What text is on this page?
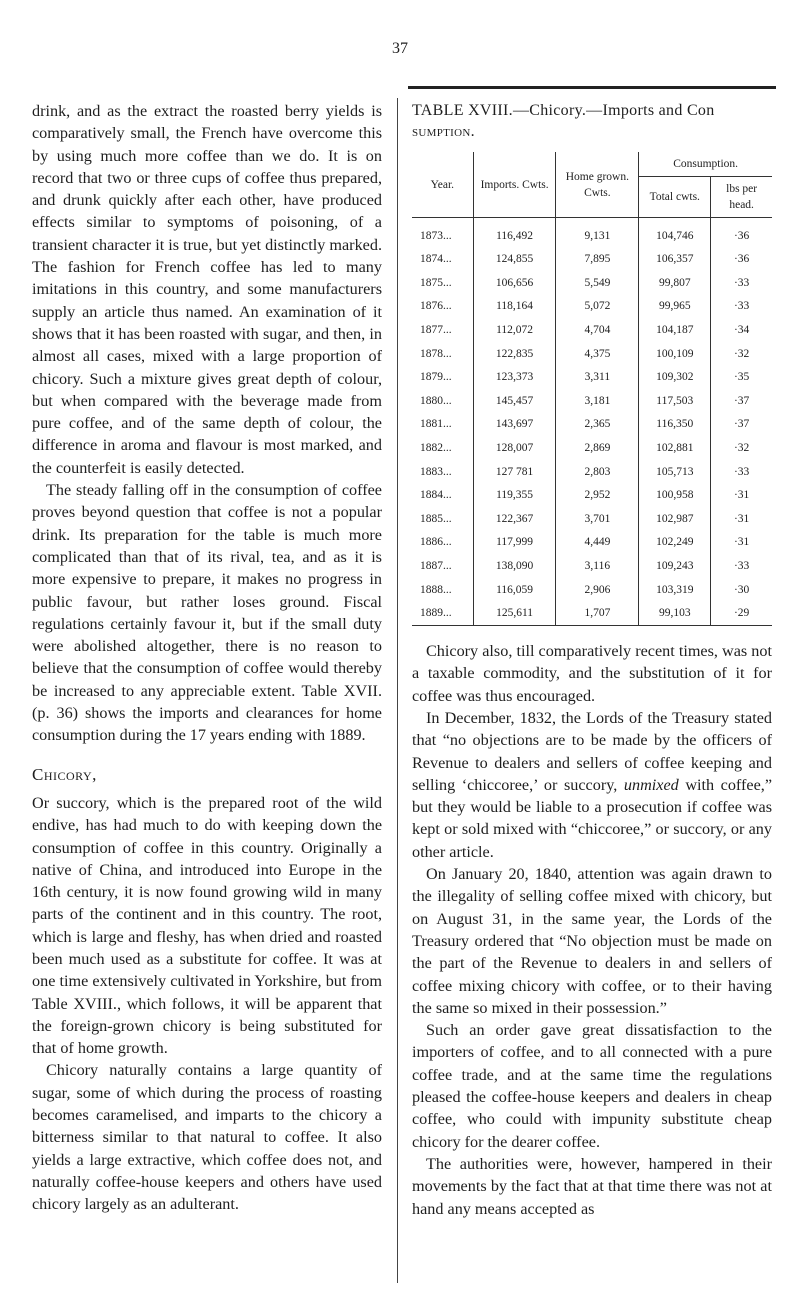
37

drink, and as the extract the roasted berry yields is comparatively small, the French have overcome this by using much more coffee than we do. It is on record that two or three cups of coffee thus prepared, and drunk quickly after each other, have produced effects similar to symptoms of poisoning, of a transient character it is true, but yet distinctly marked. The fashion for French coffee has led to many imitations in this country, and some manufacturers supply an article thus named. An examination of it shows that it has been roasted with sugar, and then, in almost all cases, mixed with a large proportion of chicory. Such a mixture gives great depth of colour, but when compared with the beverage made from pure coffee, and of the same depth of colour, the difference in aroma and flavour is most marked, and the counterfeit is easily detected.

The steady falling off in the consumption of coffee proves beyond question that coffee is not a popular drink. Its preparation for the table is much more complicated than that of its rival, tea, and as it is more expensive to prepare, it makes no progress in public favour, but rather loses ground. Fiscal regulations certainly favour it, but if the small duty were abolished altogether, there is no reason to believe that the consumption of coffee would thereby be increased to any appreciable extent. Table XVII. (p. 36) shows the imports and clearances for home consumption during the 17 years ending with 1889.

Chicory,

Or succory, which is the prepared root of the wild endive, has had much to do with keeping down the consumption of coffee in this country. Originally a native of China, and introduced into Europe in the 16th century, it is now found growing wild in many parts of the continent and in this country. The root, which is large and fleshy, has when dried and roasted been much used as a substitute for coffee. It was at one time extensively cultivated in Yorkshire, but from Table XVIII., which follows, it will be apparent that the foreign-grown chicory is being substituted for that of home growth.

Chicory naturally contains a large quantity of sugar, some of which during the process of roasting becomes caramelised, and imparts to the chicory a bitterness similar to that natural to coffee. It also yields a large extractive, which coffee does not, and naturally coffee-house keepers and others have used chicory largely as an adulterant.

TABLE XVIII.—Chicory.—Imports and Con
sumption.

Year.	Imports. Cwts.	Home grown. Cwts.	Consumption.	
			Total cwts.	lbs per head.
1873...	116,492	9,131	104,746	·36
1874...	124,855	7,895	106,357	·36
1875...	106,656	5,549	99,807	·33
1876...	118,164	5,072	99,965	·33
1877...	112,072	4,704	104,187	·34
1878...	122,835	4,375	100,109	·32
1879...	123,373	3,311	109,302	·35
1880...	145,457	3,181	117,503	·37
1881...	143,697	2,365	116,350	·37
1882...	128,007	2,869	102,881	·32
1883...	127 781	2,803	105,713	·33
1884...	119,355	2,952	100,958	·31
1885...	122,367	3,701	102,987	·31
1886...	117,999	4,449	102,249	·31
1887...	138,090	3,116	109,243	·33
1888...	116,059	2,906	103,319	·30
1889...	125,611	1,707	99,103	·29

Chicory also, till comparatively recent times, was not a taxable commodity, and the substitution of it for coffee was thus encouraged.

In December, 1832, the Lords of the Treasury stated that “no objections are to be made by the officers of Revenue to dealers and sellers of coffee keeping and selling ‘chiccoree,’ or succory, unmixed with coffee,” but they would be liable to a prosecution if coffee was kept or sold mixed with “chiccoree,” or succory, or any other article.

On January 20, 1840, attention was again drawn to the illegality of selling coffee mixed with chicory, but on August 31, in the same year, the Lords of the Treasury ordered that “No objection must be made on the part of the Revenue to dealers in and sellers of coffee mixing chicory with coffee, or to their having the same so mixed in their possession.”

Such an order gave great dissatisfaction to the importers of coffee, and to all connected with a pure coffee trade, and at the same time the regulations pleased the coffee-house keepers and dealers in cheap coffee, who could with impunity substitute cheap chicory for the dearer coffee.

The authorities were, however, hampered in their movements by the fact that at that time there was not at hand any means accepted as
